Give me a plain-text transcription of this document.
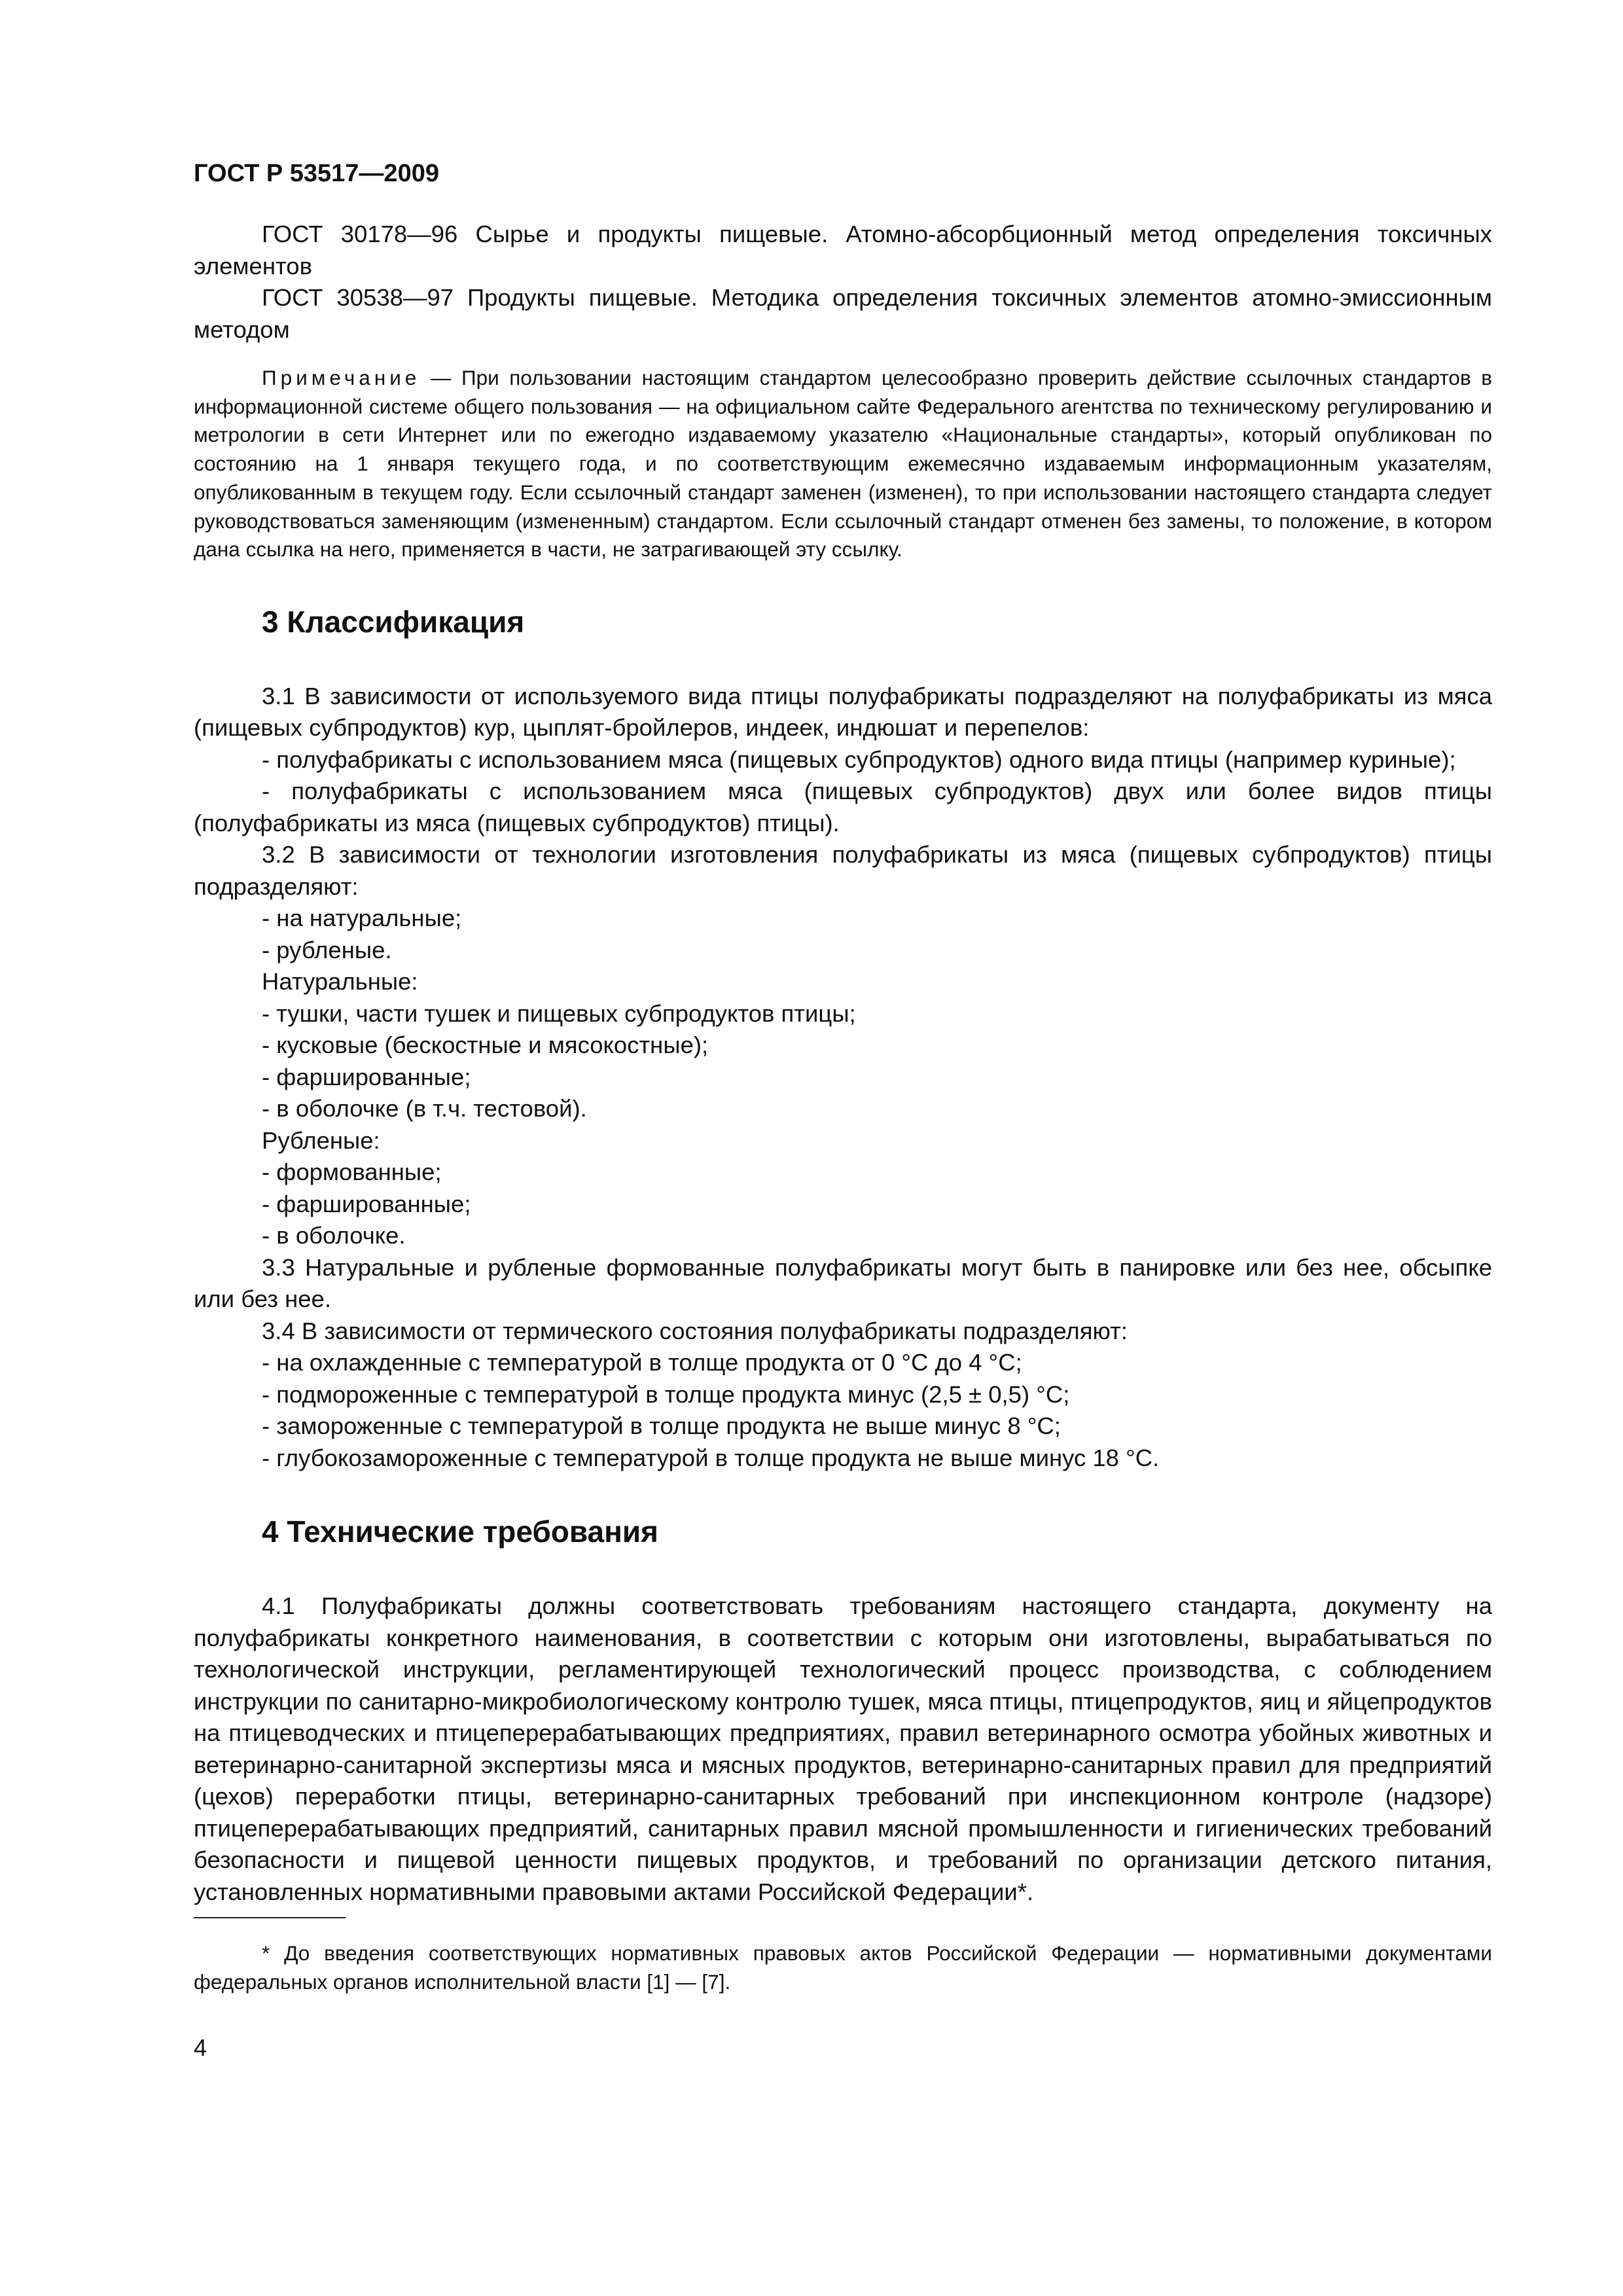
ГОСТ Р 53517—2009

ГОСТ 30178—96 Сырье и продукты пищевые. Атомно-абсорбционный метод определения токсичных элементов

ГОСТ 30538—97 Продукты пищевые. Методика определения токсичных элементов атомно-эмиссионным методом

Примечание — При пользовании настоящим стандартом целесообразно проверить действие ссылочных стандартов в информационной системе общего пользования — на официальном сайте Федерального агентства по техническому регулированию и метрологии в сети Интернет или по ежегодно издаваемому указателю «Национальные стандарты», который опубликован по состоянию на 1 января текущего года, и по соответствующим ежемесячно издаваемым информационным указателям, опубликованным в текущем году. Если ссылочный стандарт заменен (изменен), то при использовании настоящего стандарта следует руководствоваться заменяющим (измененным) стандартом. Если ссылочный стандарт отменен без замены, то положение, в котором дана ссылка на него, применяется в части, не затрагивающей эту ссылку.

3 Классификация

3.1 В зависимости от используемого вида птицы полуфабрикаты подразделяют на полуфабрикаты из мяса (пищевых субпродуктов) кур, цыплят-бройлеров, индеек, индюшат и перепелов:

- полуфабрикаты с использованием мяса (пищевых субпродуктов) одного вида птицы (например куриные);

- полуфабрикаты с использованием мяса (пищевых субпродуктов) двух или более видов птицы (полуфабрикаты из мяса (пищевых субпродуктов) птицы).

3.2 В зависимости от технологии изготовления полуфабрикаты из мяса (пищевых субпродуктов) птицы подразделяют:

- на натуральные;

- рубленые.

Натуральные:

- тушки, части тушек и пищевых субпродуктов птицы;

- кусковые (бескостные и мясокостные);

- фаршированные;

- в оболочке (в т.ч. тестовой).

Рубленые:

- формованные;

- фаршированные;

- в оболочке.

3.3 Натуральные и рубленые формованные полуфабрикаты могут быть в панировке или без нее, обсыпке или без нее.

3.4 В зависимости от термического состояния полуфабрикаты подразделяют:

- на охлажденные с температурой в толще продукта от 0 °C до 4 °C;

- подмороженные с температурой в толще продукта минус (2,5 ± 0,5) °C;

- замороженные с температурой в толще продукта не выше минус 8 °C;

- глубокозамороженные с температурой в толще продукта не выше минус 18 °C.

4 Технические требования

4.1 Полуфабрикаты должны соответствовать требованиям настоящего стандарта, документу на полуфабрикаты конкретного наименования, в соответствии с которым они изготовлены, вырабатываться по технологической инструкции, регламентирующей технологический процесс производства, с соблюдением инструкции по санитарно-микробиологическому контролю тушек, мяса птицы, птицепродуктов, яиц и яйцепродуктов на птицеводческих и птицеперерабатывающих предприятиях, правил ветеринарного осмотра убойных животных и ветеринарно-санитарной экспертизы мяса и мясных продуктов, ветеринарно-санитарных правил для предприятий (цехов) переработки птицы, ветеринарно-санитарных требований при инспекционном контроле (надзоре) птицеперерабатывающих предприятий, санитарных правил мясной промышленности и гигиенических требований безопасности и пищевой ценности пищевых продуктов, и требований по организации детского питания, установленных нормативными правовыми актами Российской Федерации*.

* До введения соответствующих нормативных правовых актов Российской Федерации — нормативными документами федеральных органов исполнительной власти [1] — [7].

4
